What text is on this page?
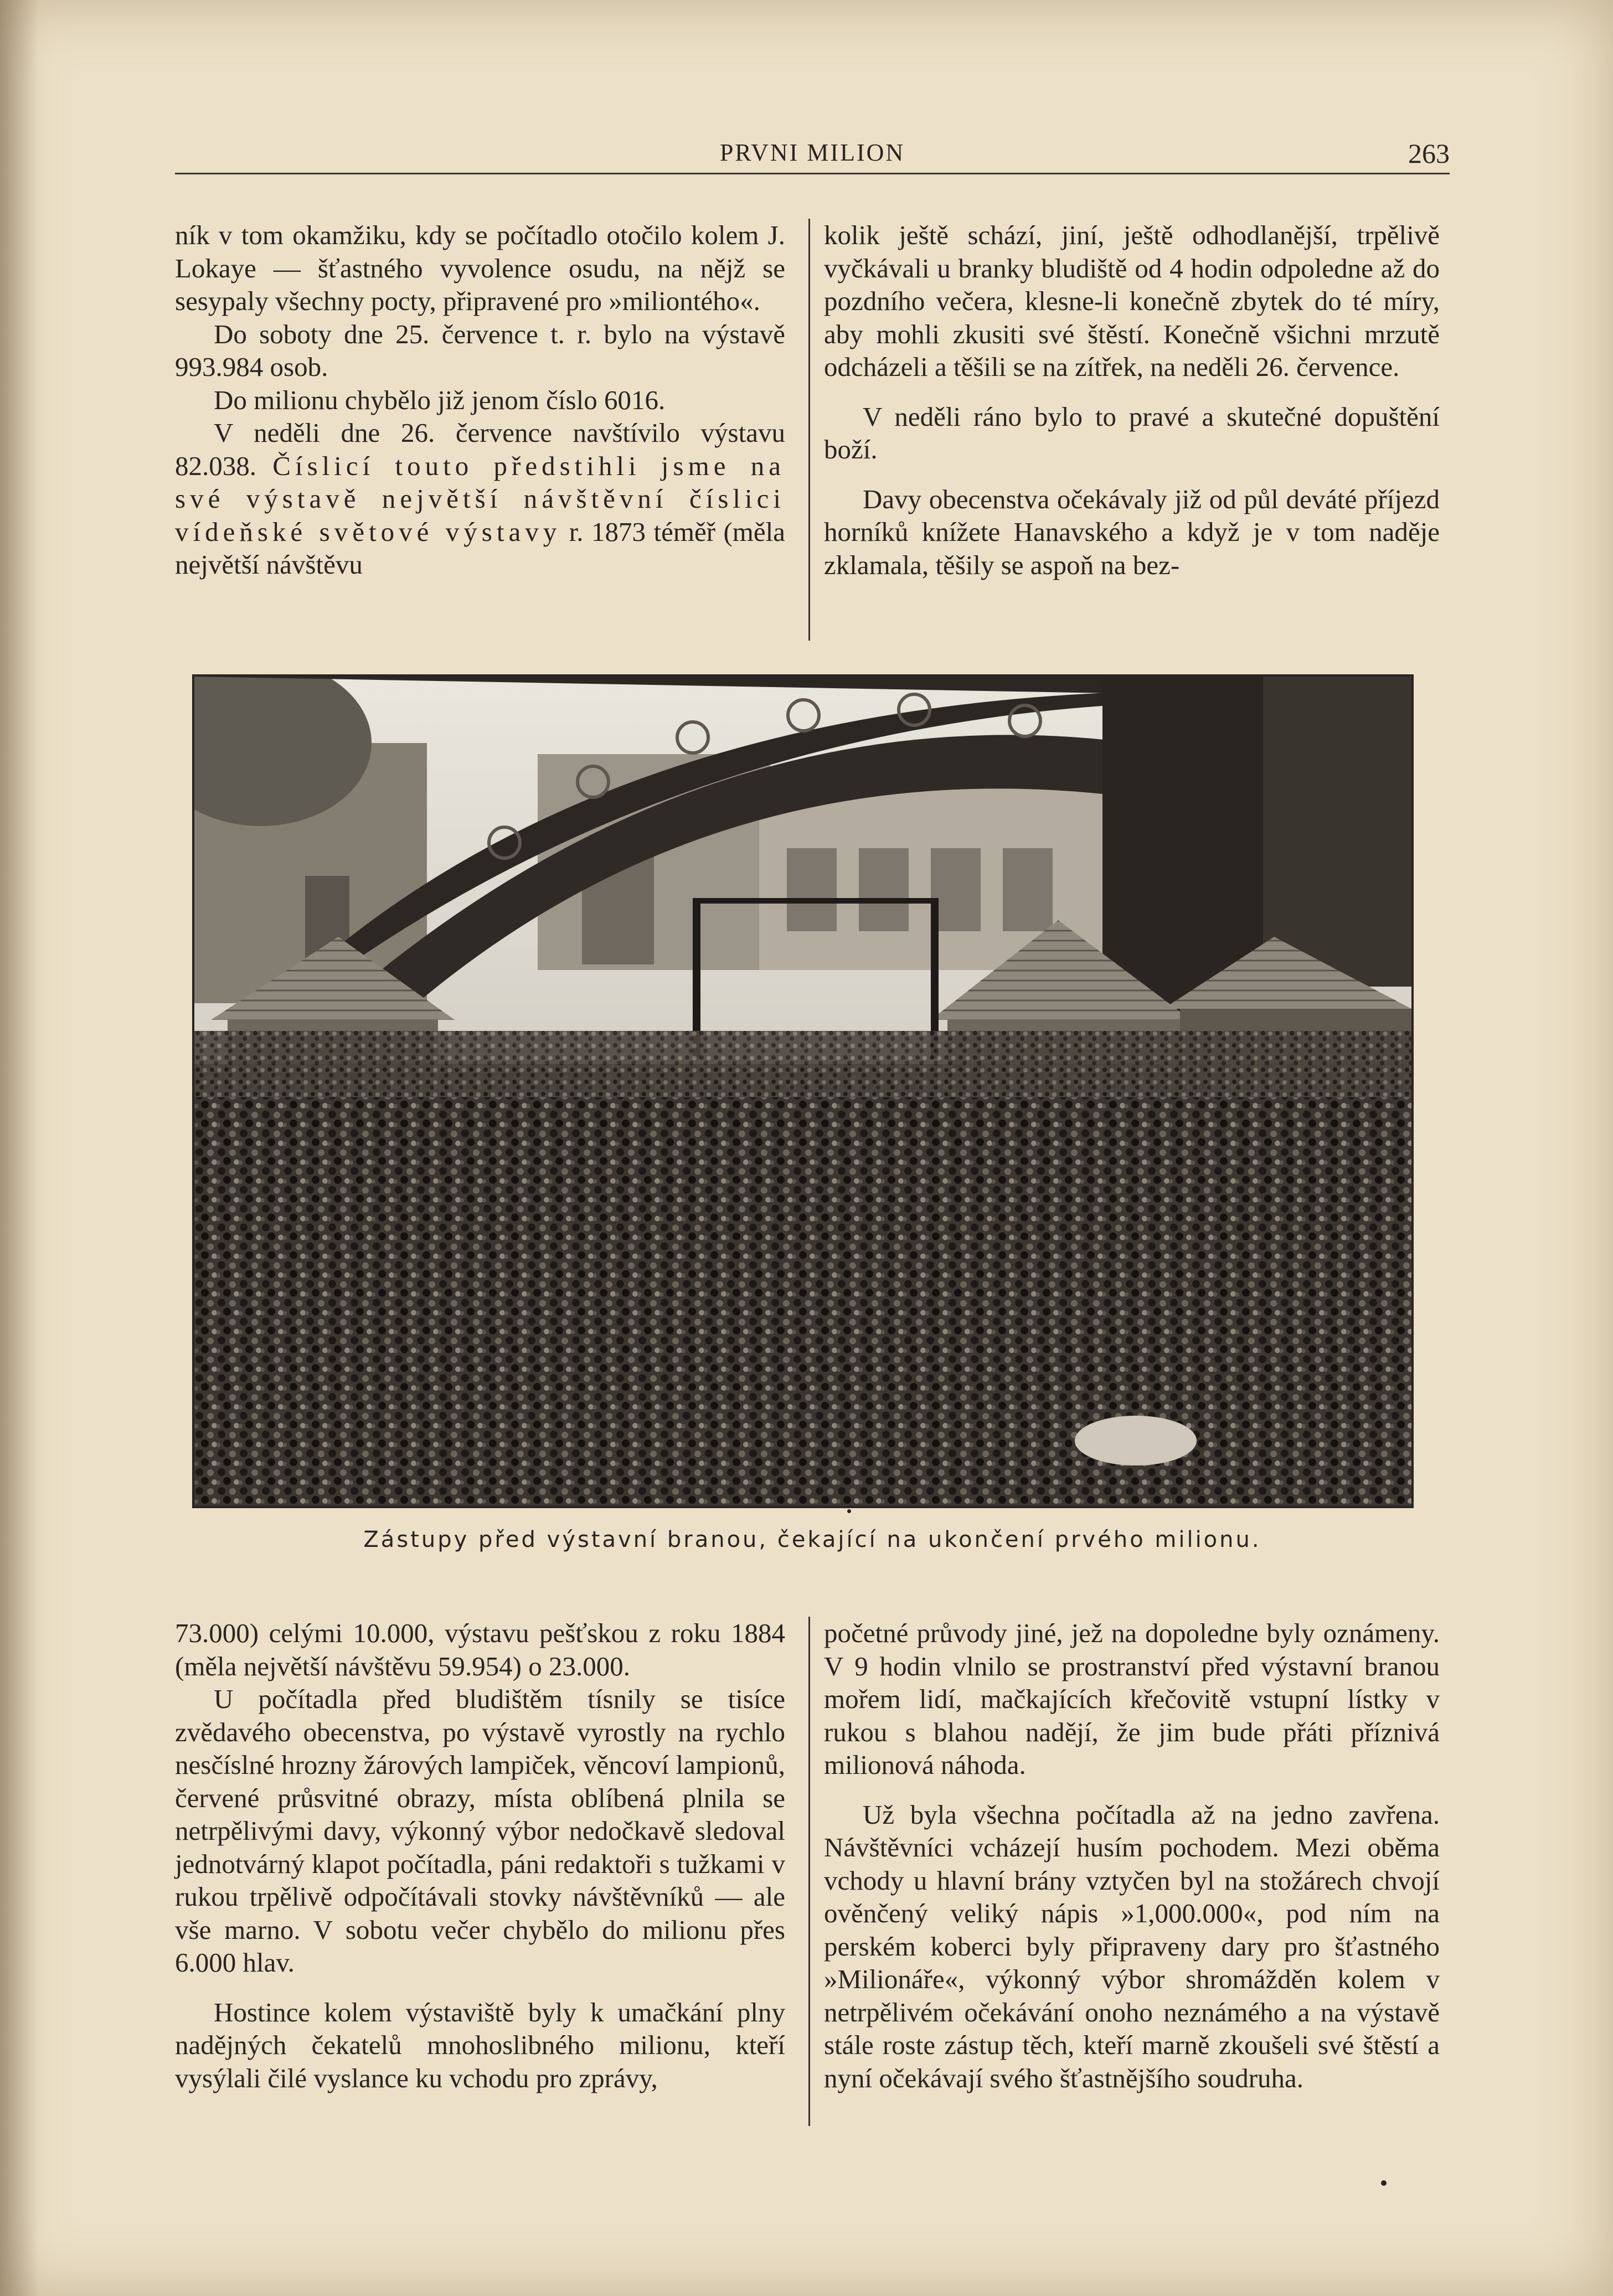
PRVNI MILION	263

ník v tom okamžiku, kdy se počítadlo otočilo kolem J. Lokaye — šťastného vyvolence osudu, na nějž se sesypaly všechny pocty, připravené pro »miliontého«.

Do soboty dne 25. července t. r. bylo na výstavě 993.984 osob.

Do milionu chybělo již jenom číslo 6016.

V neděli dne 26. července navštívilo výstavu 82.038. Číslicí touto předstihli jsme na své výstavě největší návštěvní číslici vídeňské světové výstavy r. 1873 téměř (měla největší návštěvu

kolik ještě schází, jiní, ještě odhodlanější, trpělivě vyčkávali u branky bludiště od 4 hodin odpoledne až do pozdního večera, klesne-li konečně zbytek do té míry, aby mohli zkusiti své štěstí. Konečně všichni mrzutě odcházeli a těšili se na zítřek, na neděli 26. července.

V neděli ráno bylo to pravé a skutečné dopuštění boží.

Davy obecenstva očekávaly již od půl deváté příjezd horníků knížete Hanavského a když je v tom naděje zklamala, těšily se aspoň na bez-

Zástupy před výstavní branou, čekající na ukončení prvého milionu.

73.000) celými 10.000, výstavu pešťskou z roku 1884 (měla největší návštěvu 59.954) o 23.000.

U počítadla před bludištěm tísnily se tisíce zvědavého obecenstva, po výstavě vyrostly na rychlo nesčíslné hrozny žárových lampiček, věncoví lampionů, červené průsvitné obrazy, místa oblíbená plnila se netrpělivými davy, výkonný výbor nedočkavě sledoval jednotvárný klapot počítadla, páni redaktoři s tužkami v rukou trpělivě odpočítávali stovky návštěvníků — ale vše marno. V sobotu večer chybělo do milionu přes 6.000 hlav.

Hostince kolem výstaviště byly k umačkání plny nadějných čekatelů mnohoslibného milionu, kteří vysýlali čilé vyslance ku vchodu pro zprávy,

početné průvody jiné, jež na dopoledne byly oznámeny. V 9 hodin vlnilo se prostranství před výstavní branou mořem lidí, mačkajících křečovitě vstupní lístky v rukou s blahou nadějí, že jim bude přáti příznivá milionová náhoda.

Už byla všechna počítadla až na jedno zavřena. Návštěvníci vcházejí husím pochodem. Mezi oběma vchody u hlavní brány vztyčen byl na stožárech chvojí ověnčený veliký nápis »1,000.000«, pod ním na perském koberci byly připraveny dary pro šťastného »Milionáře«, výkonný výbor shromážděn kolem v netrpělivém očekávání onoho neznámého a na výstavě stále roste zástup těch, kteří marně zkoušeli své štěstí a nyní očekávají svého šťastnějšího soudruha.
